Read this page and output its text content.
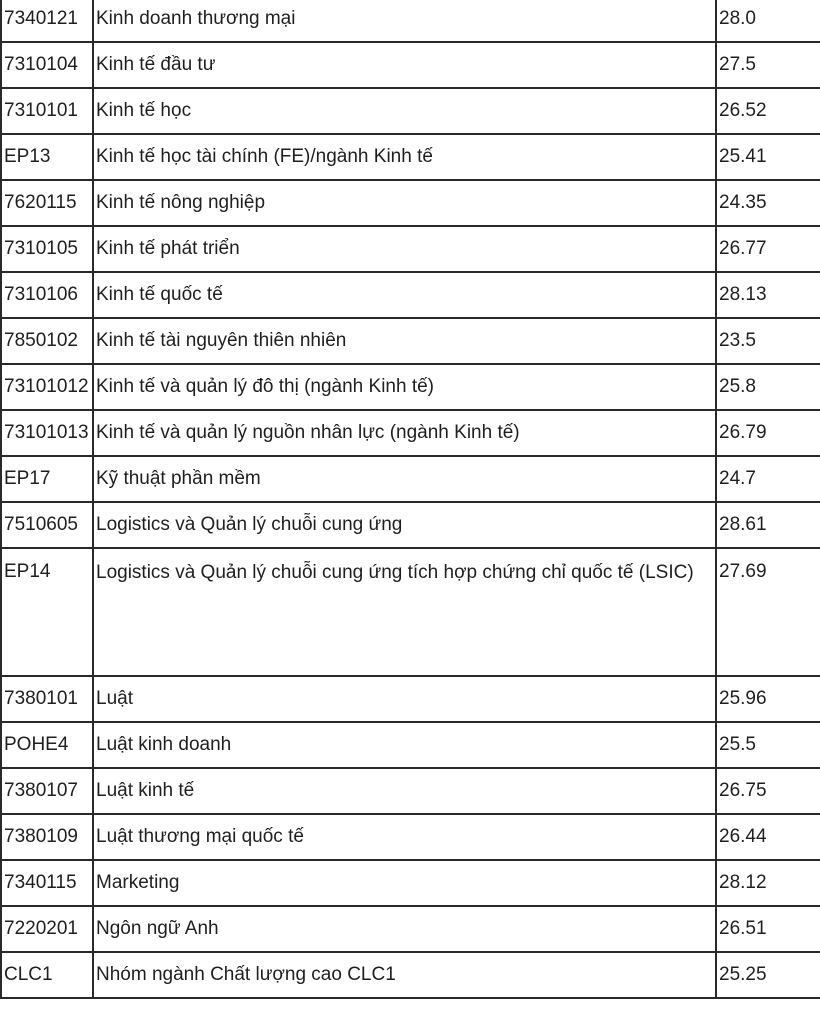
7340121	Kinh doanh thương mại	28.0
7310104	Kinh tế đầu tư	27.5
7310101	Kinh tế học	26.52
EP13	Kinh tế học tài chính (FE)/ngành Kinh tế	25.41
7620115	Kinh tế nông nghiệp	24.35
7310105	Kinh tế phát triển	26.77
7310106	Kinh tế quốc tế	28.13
7850102	Kinh tế tài nguyên thiên nhiên	23.5
73101012	Kinh tế và quản lý đô thị (ngành Kinh tế)	25.8
73101013	Kinh tế và quản lý nguồn nhân lực (ngành Kinh tế)	26.79
EP17	Kỹ thuật phần mềm	24.7
7510605	Logistics và Quản lý chuỗi cung ứng	28.61
EP14	Logistics và Quản lý chuỗi cung ứng tích hợp chứng chỉ quốc tế (LSIC)	27.69
7380101	Luật	25.96
POHE4	Luật kinh doanh	25.5
7380107	Luật kinh tế	26.75
7380109	Luật thương mại quốc tế	26.44
7340115	Marketing	28.12
7220201	Ngôn ngữ Anh	26.51
CLC1	Nhóm ngành Chất lượng cao CLC1	25.25
